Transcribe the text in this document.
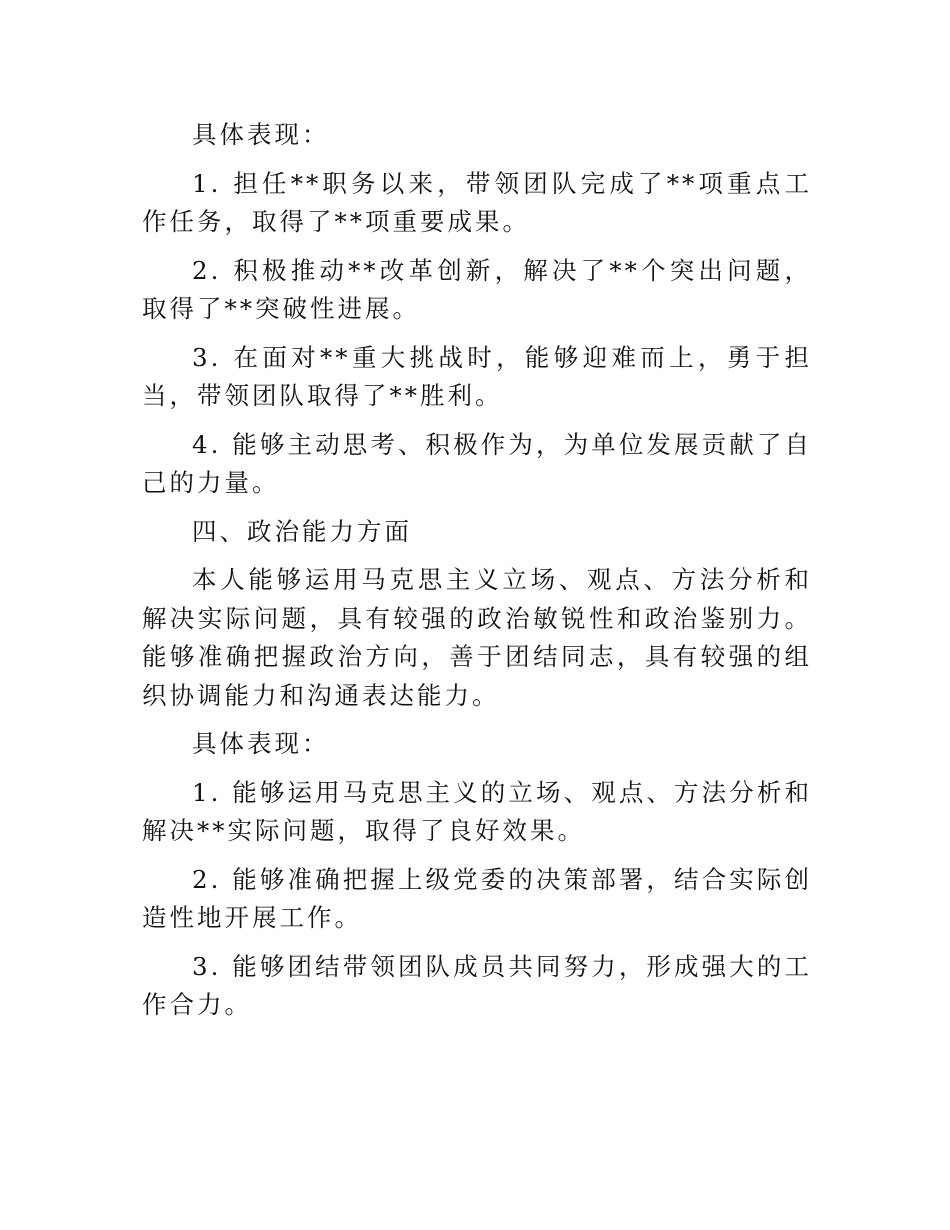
具体表现：

1. 担任**职务以来，带领团队完成了**项重点工作任务，取得了**项重要成果。

2. 积极推动**改革创新，解决了**个突出问题，取得了**突破性进展。

3. 在面对**重大挑战时，能够迎难而上，勇于担当，带领团队取得了**胜利。

4. 能够主动思考、积极作为，为单位发展贡献了自己的力量。

四、政治能力方面

本人能够运用马克思主义立场、观点、方法分析和解决实际问题，具有较强的政治敏锐性和政治鉴别力。能够准确把握政治方向，善于团结同志，具有较强的组织协调能力和沟通表达能力。

具体表现：

1. 能够运用马克思主义的立场、观点、方法分析和解决**实际问题，取得了良好效果。

2. 能够准确把握上级党委的决策部署，结合实际创造性地开展工作。

3. 能够团结带领团队成员共同努力，形成强大的工作合力。
